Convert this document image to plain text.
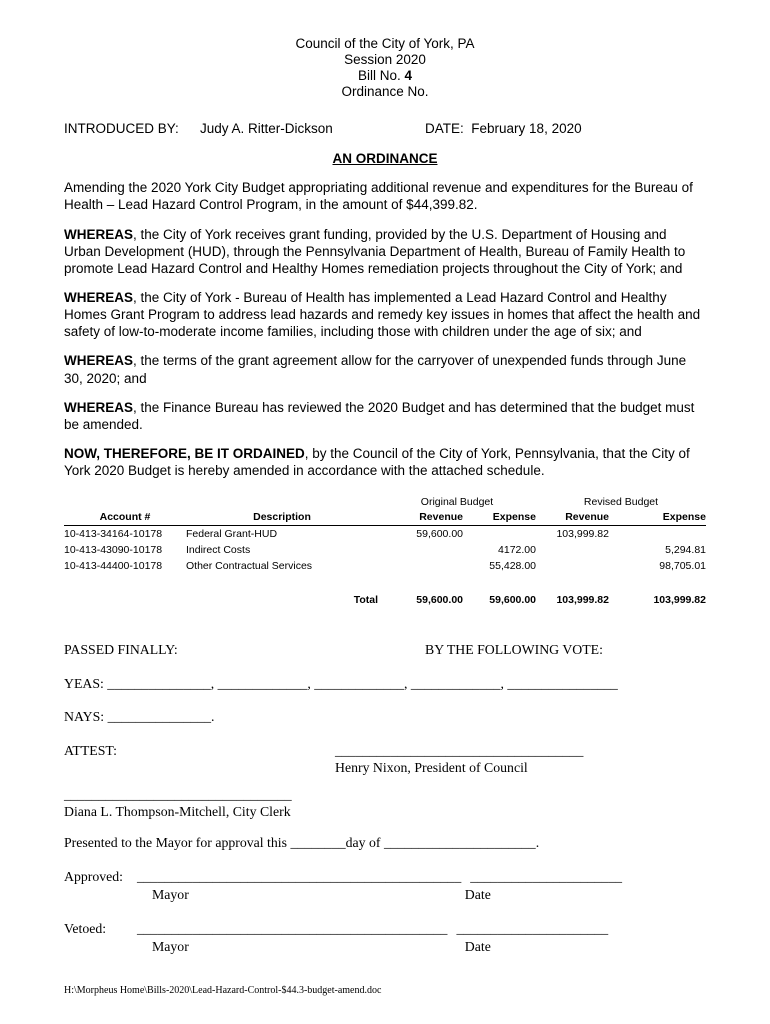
Council of the City of York, PA
Session 2020
Bill No. 4
Ordinance No.
INTRODUCED BY: Judy A. Ritter-Dickson	DATE: February 18, 2020
AN ORDINANCE

Amending the 2020 York City Budget appropriating additional revenue and expenditures for the Bureau of Health – Lead Hazard Control Program, in the amount of $44,399.82.

WHEREAS, the City of York receives grant funding, provided by the U.S. Department of Housing and Urban Development (HUD), through the Pennsylvania Department of Health, Bureau of Family Health to promote Lead Hazard Control and Healthy Homes remediation projects throughout the City of York; and

WHEREAS, the City of York - Bureau of Health has implemented a Lead Hazard Control and Healthy Homes Grant Program to address lead hazards and remedy key issues in homes that affect the health and safety of low-to-moderate income families, including those with children under the age of six; and

WHEREAS, the terms of the grant agreement allow for the carryover of unexpended funds through June 30, 2020; and

WHEREAS, the Finance Bureau has reviewed the 2020 Budget and has determined that the budget must be amended.

NOW, THEREFORE, BE IT ORDAINED, by the Council of the City of York, Pennsylvania, that the City of York 2020 Budget is hereby amended in accordance with the attached schedule.

		Original Budget		Revised Budget	
Account #	Description	Revenue	Expense	Revenue	Expense
10-413-34164-10178	Federal Grant-HUD	59,600.00		103,999.82	
10-413-43090-10178	Indirect Costs		4172.00		5,294.81
10-413-44400-10178	Other Contractual Services		55,428.00		98,705.01

	Total	59,600.00	59,600.00	103,999.82	103,999.82
PASSED FINALLY:	BY THE FOLLOWING VOTE:
YEAS: _______________, _____________, _____________, _____________, ________________
NAYS: _______________.
ATTEST:	____________________________________
Henry Nixon, President of Council
_________________________________
Diana L. Thompson-Mitchell, City Clerk
Presented to the Mayor for approval this ________day of ______________________.
Approved: _______________________________________________ ______________________
Mayor	Date
Vetoed: _____________________________________________ ______________________
Mayor	Date
H:\Morpheus Home\Bills-2020\Lead-Hazard-Control-$44.3-budget-amend.doc
